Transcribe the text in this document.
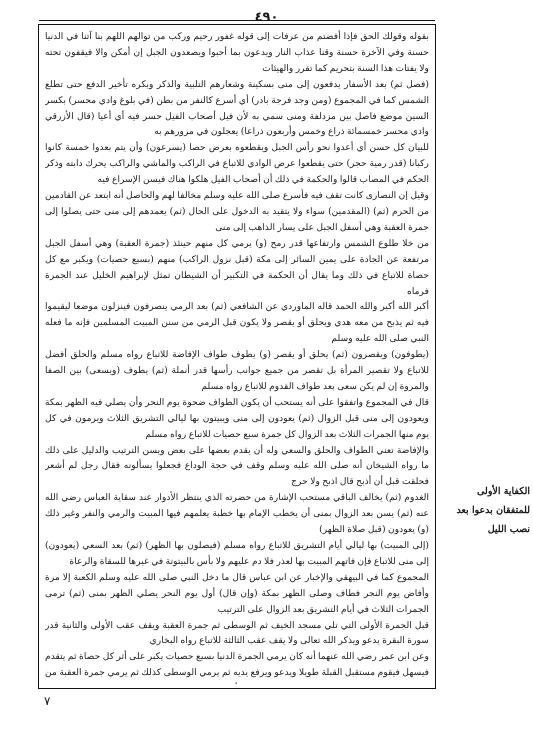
٤٩٠

بقوله وقولك الحق فإذا أفضتم من عرفات إلى قوله غفور رحيم وركب من توالهم اللهم بنا آتنا في الدنيا حسنة وفي الآخرة حسنة وقنا عذاب النار ويدعون بما أحبوا ويصعدون الجبل إن أمكن والا فيقفون تحته ولا يفتات هذا السنة بتحريم كما تقرر والهيئات

(فصل ثم) بعد الأسفار يدفعون إلى منى بسكينة وشعارهم التلبية والذكر وبكره تأخير الدفع حتى تطلع الشمس كما في المجموع (ومن وجد فرجة بادر) أي أسرع كالنفر من بطن (في بلوغ وادي محسر) بكسر السين موضع فاصل بين مزدلفة ومنى سمي به لأن فيل أصحاب الفيل حسر فيه أي أعيا (قال الأزرقي وادي محسر خمسمائة ذراع وخمس وأربعون ذراعا) يعجلون في مرورهم به

للبيان كل حسن أي أعدوا نحو رأس الجبل ويقطعوه بعرض حصا (يسرعون) وأن يتم بعدوا خمسة كانوا ركبانا (قدر رمية حجر) حتى يقطعوا عرض الوادي للاتباع في الراكب والماشي والراكب يحرك دابته وذكر الحكم في المصاب قالوا والحكمة في ذلك أن أصحاب الفيل هلكوا هناك فيسن الإسراع فيه

وقيل إن النصارى كانت تقف فيه فأسرع صلى الله عليه وسلم مخالفا لهم والحاصل أنه ابتعد عن القادمين من الحرم (ثم) (المقدمين) سواء ولا يتقيد به الدخول على الحال (ثم) يعمدهم إلى منى حتى يصلوا إلى جمرة العقبة وهي أسفل الجبل على يسار الذاهب إلى منى

من خلا طلوع الشمس وارتفاعها قدر رمح (و) يرمي كل منهم حينئذ (جمرة العقبة) وهي أسفل الجبل مرتفعة عن الجادة على يمين السائر إلى مكة (قبل نزول الراكب) منهم (بسبع حصيات) ويكبر مع كل حصاة للاتباع في ذلك وما يقال أن الحكمة في التكبير أن الشيطان تمثل لإبراهيم الخليل عند الجمرة فرماه

أكبر الله أكبر والله الحمد قاله الماوردي عن الشافعي (ثم) بعد الرمي ينصرفون فينزلون موضعا ليقيموا فيه ثم يذبح من معه هدي ويحلق أو يقصر ولا يكون قبل الرمي من سنن المبيت المسلمين فإنه ما فعله النبي صلى الله عليه وسلم

(يطوفون) ويقصرون (ثم) يحلق أو يقصر (و) يطوف طواف الإفاضة للاتباع رواه مسلم والحلق أفضل للاتباع ولا تقصير المرأة بل تقصر من جميع جوانب رأسها قدر أنملة (ثم) يطوف (ويسعى) بين الصفا والمروة إن لم يكن سعى بعد طواف القدوم للاتباع رواه مسلم

قال في المجموع واتفقوا على أنه يستحب أن يكون الطواف ضحوة يوم النحر وأن يصلي فيه الظهر بمكة ويعودون إلى منى قبل الزوال (ثم) يعودون إلى منى ويبيتون بها ليالي التشريق الثلاث ويرمون في كل يوم منها الجمرات الثلاث بعد الزوال كل جمرة سبع حصيات للاتباع رواه مسلم

والإفاضة تعني الطواف والحلق والسعي وله أن يقدم بعضها على بعض ويسن الترتيب والدليل على ذلك ما رواه الشيخان أنه صلى الله عليه وسلم وقف في حجة الوداع فجعلوا يسألونه فقال رجل لم أشعر فحلقت قبل أن أذبح قال اذبح ولا حرج

الغدوم (ثم) يخالف الباقي مستحب الإشارة من حضرته الذي ينتظر الأدوار عند سقاية العباس رضي الله عنه (ثم) يسن بعد الزوال بمنى أن يخطب الإمام بها خطبة يعلمهم فيها المبيت والرمي والنفر وغير ذلك (و) يعودون (قبل صلاة الظهر)

(إلى المبيت) بها ليالي أيام التشريق للاتباع رواه مسلم (فيصلون بها الظهر) (ثم) بعد السعي (يعودون) إلى منى للاتباع فإن فاتهم المبيت بها لعذر فلا دم عليهم ولا بأس بالبيتوتة في غيرها للسقاة والرعاة

المجموع كما في البيهقي والإخبار عن ابن عباس قال ما دخل النبي صلى الله عليه وسلم الكعبة إلا مرة وأفاض يوم النحر فطاف وصلى الظهر بمكة (وإن قال) أول يوم النحر يصلي الظهر بمنى (ثم) ترمى الجمرات الثلاث في أيام التشريق بعد الزوال على الترتيب

قبل الجمرة الأولى التي تلي مسجد الخيف ثم الوسطى ثم جمرة العقبة ويقف عقب الأولى والثانية قدر سورة البقرة يدعو ويذكر الله تعالى ولا يقف عقب الثالثة للاتباع رواه البخاري

وعن ابن عمر رضي الله عنهما أنه كان يرمي الجمرة الدنيا بسبع حصيات يكبر على أثر كل حصاة ثم يتقدم فيسهل فيقوم مستقبل القبلة طويلا ويدعو ويرفع يديه ثم يرمي الوسطى كذلك ثم يرمي جمرة العقبة من

الكفاية الأولى للمتفقان بدعوا بعد نصب الليل
٧
